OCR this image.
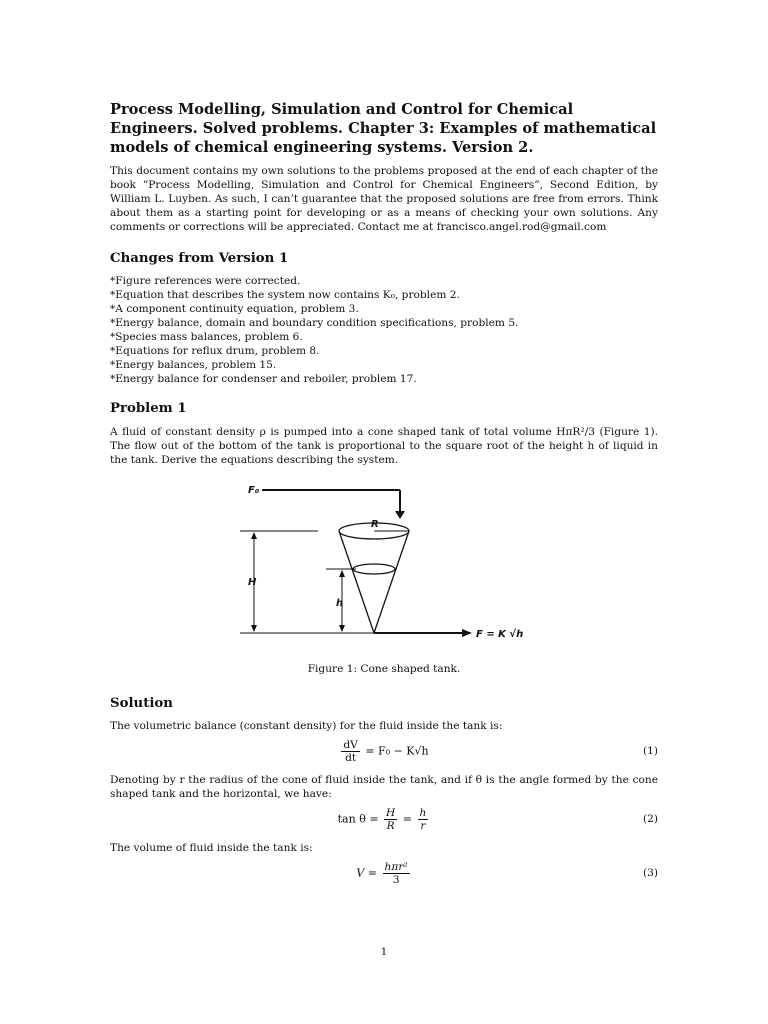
Process Modelling, Simulation and Control for Chemical Engineers. Solved problems. Chapter 3: Examples of mathematical models of chemical engineering systems. Version 2.

This document contains my own solutions to the problems proposed at the end of each chapter of the book ”Process Modelling, Simulation and Control for Chemical Engineers”, Second Edition, by William L. Luyben. As such, I can’t guarantee that the proposed solutions are free from errors. Think about them as a starting point for developing or as a means of checking your own solutions. Any comments or corrections will be appreciated. Contact me at francisco.angel.rod@gmail.com

Changes from Version 1
*Figure references were corrected.
*Equation that describes the system now contains K₀, problem 2.
*A component continuity equation, problem 3.
*Energy balance, domain and boundary condition specifications, problem 5.
*Species mass balances, problem 6.
*Equations for reflux drum, problem 8.
*Energy balances, problem 15.
*Energy balance for condenser and reboiler, problem 17.
Problem 1

A fluid of constant density ρ is pumped into a cone shaped tank of total volume HπR²/3 (Figure 1). The flow out of the bottom of the tank is proportional to the square root of the height h of liquid in the tank. Derive the equations describing the system.

F₀
R
H
h
F = K √h

Figure 1: Cone shaped tank.

Solution

The volumetric balance (constant density) for the fluid inside the tank is:

$\frac{dV}{dt} = F_0 - K√h$	(1)

Denoting by r the radius of the cone of fluid inside the tank, and if θ is the angle formed by the cone shaped tank and the horizontal, we have:

$\tan \theta = \frac{H}{R} = \frac{h}{r}$	(2)

The volume of fluid inside the tank is:

$V = \frac{\text{hπr²}}{3}$	(3)
1
